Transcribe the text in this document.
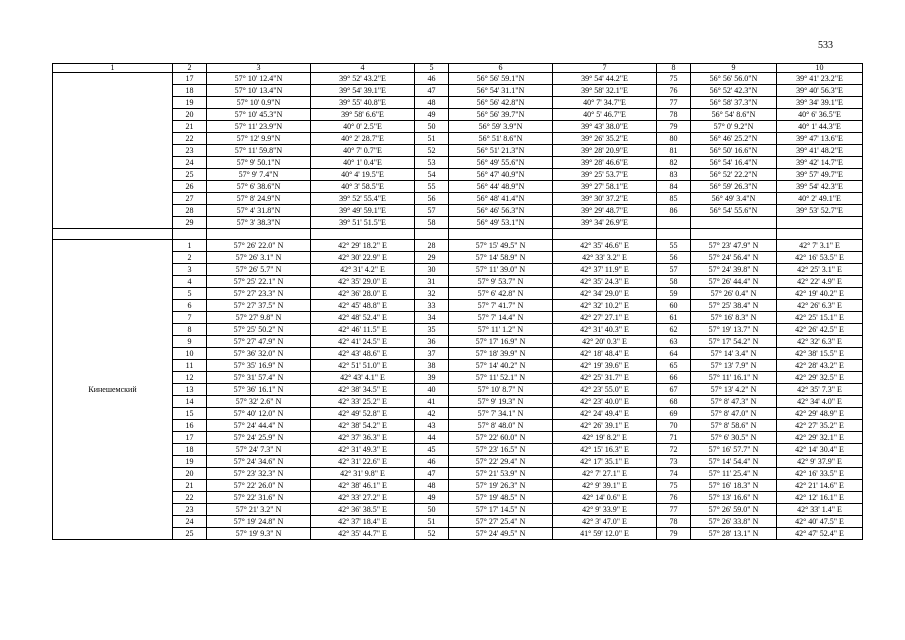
533
1	2	3	4	5	6	7	8	9	10
	17	57° 10' 12.4"N	39° 52' 43.2"E	46	56° 56' 59.1"N	39° 54' 44.2"E	75	56° 56' 56.0"N	39° 41' 23.2"E
	18	57° 10' 13.4"N	39° 54' 39.1"E	47	56° 54' 31.1"N	39° 58' 32.1"E	76	56° 52' 42.3"N	39° 40' 56.3"E
	19	57° 10' 0.9"N	39° 55' 40.8"E	48	56° 56' 42.8"N	40° 7' 34.7"E	77	56° 58' 37.3"N	39° 34' 39.1"E
	20	57° 10' 45.3"N	39° 58' 6.6"E	49	56° 56' 39.7"N	40° 5' 46.7"E	78	56° 54' 8.6"N	40° 6' 36.5"E
	21	57° 11' 23.9"N	40° 0' 2.5"E	50	56° 59' 3.9"N	39° 43' 38.0"E	79	57° 0' 9.2"N	40° 1' 44.3"E
	22	57° 12' 9.9"N	40° 2' 28.7"E	51	56° 51' 8.6"N	39° 26' 35.2"E	80	56° 46' 25.2"N	39° 47' 13.6"E
	23	57° 11' 59.8"N	40° 7' 0.7"E	52	56° 51' 21.3"N	39° 28' 20.9"E	81	56° 50' 16.6"N	39° 41' 48.2"E
	24	57° 9' 50.1"N	40° 1' 0.4"E	53	56° 49' 55.6"N	39° 28' 46.6"E	82	56° 54' 16.4"N	39° 42' 14.7"E
	25	57° 9' 7.4"N	40° 4' 19.5"E	54	56° 47' 40.9"N	39° 25' 53.7"E	83	56° 52' 22.2"N	39° 57' 49.7"E
	26	57° 6' 38.6"N	40° 3' 58.5"E	55	56° 44' 48.9"N	39° 27' 58.1"E	84	56° 59' 26.3"N	39° 54' 42.3"E
	27	57° 8' 24.9"N	39° 52' 55.4"E	56	56° 48' 41.4"N	39° 30' 37.2"E	85	56° 49' 3.4"N	40° 2' 49.1"E
	28	57° 4' 31.8"N	39° 49' 59.1"E	57	56° 46' 56.3"N	39° 29' 48.7"E	86	56° 54' 55.6"N	39° 53' 52.7"E
	29	57° 3' 38.3"N	39° 51' 51.5"E	58	56° 49' 53.1"N	39° 34' 26.9"E			

Кинешемский	1	57° 26' 22.0" N	42° 29' 18.2" E	28	57° 15' 49.5" N	42° 35' 46.6" E	55	57° 23' 47.9" N	42° 7' 3.1" E
	2	57° 26' 3.1" N	42° 30' 22.9" E	29	57° 14' 58.9" N	42° 33' 3.2" E	56	57° 24' 56.4" N	42° 16' 53.5" E
	3	57° 26' 5.7" N	42° 31' 4.2" E	30	57° 11' 39.0" N	42° 37' 11.9" E	57	57° 24' 39.8" N	42° 25' 3.1" E
	4	57° 25' 22.1" N	42° 35' 29.0" E	31	57° 9' 53.7" N	42° 35' 24.3" E	58	57° 26' 44.4" N	42° 22' 4.9" E
	5	57° 27' 23.3" N	42° 36' 28.0" E	32	57° 6' 42.8" N	42° 34' 29.0" E	59	57° 26' 0.4" N	42° 19' 40.2" E
	6	57° 27' 37.5" N	42° 45' 48.8" E	33	57° 7' 41.7" N	42° 32' 10.2" E	60	57° 25' 38.4" N	42° 26' 6.3" E
	7	57° 27' 9.8" N	42° 48' 52.4" E	34	57° 7' 14.4" N	42° 27' 27.1" E	61	57° 16' 8.3" N	42° 25' 15.1" E
	8	57° 25' 50.2" N	42° 46' 11.5" E	35	57° 11' 1.2" N	42° 31' 40.3" E	62	57° 19' 13.7" N	42° 26' 42.5" E
	9	57° 27' 47.9" N	42° 41' 24.5" E	36	57° 17' 16.9" N	42° 20' 0.3" E	63	57° 17' 54.2" N	42° 32' 6.3" E
	10	57° 36' 32.0" N	42° 43' 48.6" E	37	57° 18' 39.9" N	42° 18' 48.4" E	64	57° 14' 3.4" N	42° 38' 15.5" E
	11	57° 35' 16.9" N	42° 51' 51.0" E	38	57° 14' 40.2" N	42° 19' 39.6" E	65	57° 13' 7.9" N	42° 28' 43.2" E
	12	57° 31' 57.4" N	42° 43' 4.1" E	39	57° 11' 52.1" N	42° 25' 31.7" E	66	57° 11' 16.1" N	42° 29' 32.5" E
	13	57° 36' 16.1" N	42° 38' 34.5" E	40	57° 10' 8.7" N	42° 23' 55.0" E	67	57° 13' 4.2" N	42° 35' 7.3" E
	14	57° 32' 2.6" N	42° 33' 25.2" E	41	57° 9' 19.3" N	42° 23' 40.0" E	68	57° 8' 47.3" N	42° 34' 4.0" E
	15	57° 40' 12.0" N	42° 49' 52.8" E	42	57° 7' 34.1" N	42° 24' 49.4" E	69	57° 8' 47.0" N	42° 29' 48.9" E
	16	57° 24' 44.4" N	42° 38' 54.2" E	43	57° 8' 48.0" N	42° 26' 39.1" E	70	57° 8' 58.6" N	42° 27' 35.2" E
	17	57° 24' 25.9" N	42° 37' 36.3" E	44	57° 22' 60.0" N	42° 19' 8.2" E	71	57° 6' 30.5" N	42° 29' 32.1" E
	18	57° 24' 7.3" N	42° 31' 49.3" E	45	57° 23' 16.5" N	42° 15' 16.3" E	72	57° 16' 57.7" N	42° 14' 30.4" E
	19	57° 24' 34.6" N	42° 31' 22.6" E	46	57° 22' 29.4" N	42° 17' 35.1" E	73	57° 14' 54.4" N	42° 9' 37.9" E
	20	57° 23' 32.3" N	42° 31' 9.8" E	47	57° 21' 53.9" N	42° 7' 27.1" E	74	57° 11' 25.4" N	42° 16' 33.5" E
	21	57° 22' 26.0" N	42° 38' 46.1" E	48	57° 19' 26.3" N	42° 9' 39.1" E	75	57° 16' 18.3" N	42° 21' 14.6" E
	22	57° 22' 31.6" N	42° 33' 27.2" E	49	57° 19' 48.5" N	42° 14' 0.6" E	76	57° 13' 16.6" N	42° 12' 16.1" E
	23	57° 21' 3.2" N	42° 36' 38.5" E	50	57° 17' 14.5" N	42° 9' 33.9" E	77	57° 26' 59.0" N	42° 33' 1.4" E
	24	57° 19' 24.8" N	42° 37' 18.4" E	51	57° 27' 25.4" N	42° 3' 47.0" E	78	57° 26' 33.8" N	42° 40' 47.5" E
	25	57° 19' 9.3" N	42° 35' 44.7" E	52	57° 24' 49.5" N	41° 59' 12.0" E	79	57° 28' 13.1" N	42° 47' 52.4" E
